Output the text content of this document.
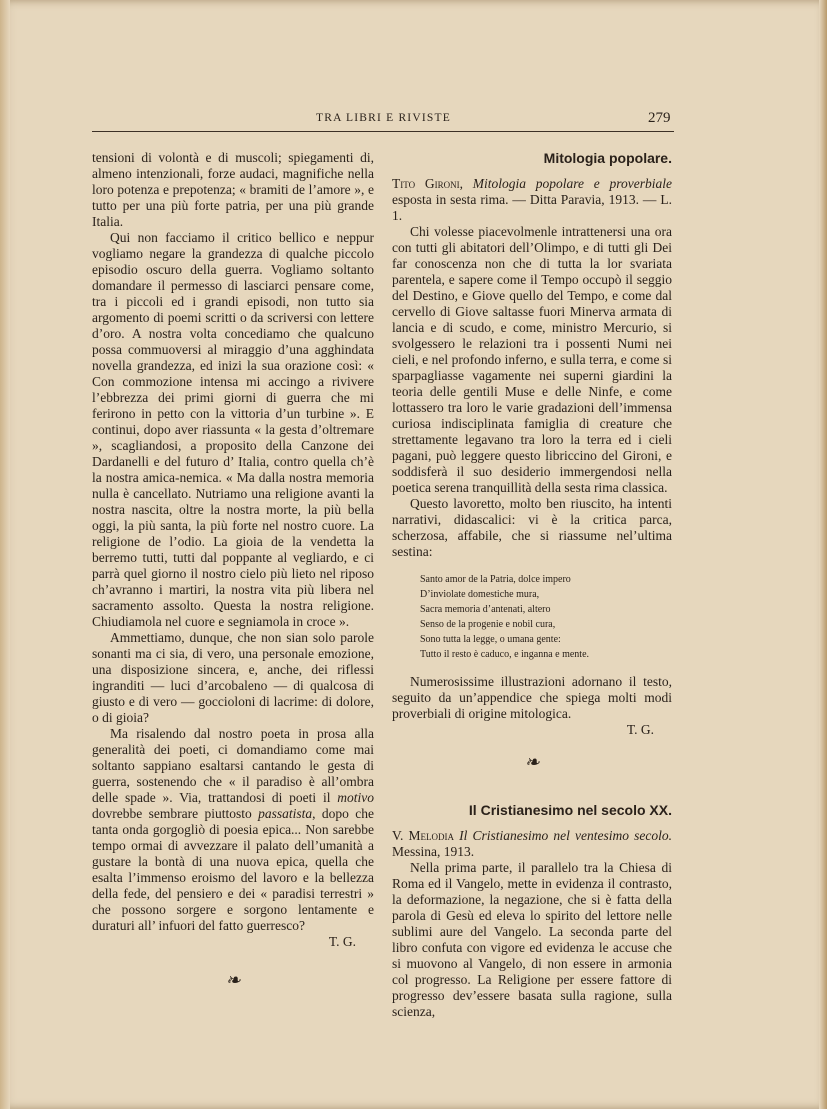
TRA LIBRI E RIVISTE	279

tensioni di volontà e di muscoli; spiegamenti di, almeno intenzionali, forze audaci, magnifiche nella loro potenza e prepotenza; « bramiti de l’amore », e tutto per una più forte patria, per una più grande Italia.

Qui non facciamo il critico bellico e neppur vogliamo negare la grandezza di qualche piccolo episodio oscuro della guerra. Vogliamo soltanto domandare il permesso di lasciarci pensare come, tra i piccoli ed i grandi episodi, non tutto sia argomento di poemi scritti o da scriversi con lettere d’oro. A nostra volta concediamo che qualcuno possa commuoversi al miraggio d’una agghindata novella grandezza, ed inizi la sua orazione così: « Con commozione intensa mi accingo a rivivere l’ebbrezza dei primi giorni di guerra che mi ferirono in petto con la vittoria d’un turbine ». E continui, dopo aver riassunta « la gesta d’oltremare », scagliandosi, a proposito della Canzone dei Dardanelli e del futuro d’ Italia, contro quella ch’è la nostra amica-nemica. « Ma dalla nostra memoria nulla è cancellato. Nutriamo una religione avanti la nostra nascita, oltre la nostra morte, la più bella oggi, la più santa, la più forte nel nostro cuore. La religione de l’odio. La gioia de la vendetta la berremo tutti, tutti dal poppante al vegliardo, e ci parrà quel giorno il nostro cielo più lieto nel riposo ch’avranno i martiri, la nostra vita più libera nel sacramento assolto. Questa la nostra religione. Chiudiamola nel cuore e segniamola in croce ».

Ammettiamo, dunque, che non sian solo parole sonanti ma ci sia, di vero, una personale emozione, una disposizione sincera, e, anche, dei riflessi ingranditi — luci d’arcobaleno — di qualcosa di giusto e di vero — goccioloni di lacrime: di dolore, o di gioia?

Ma risalendo dal nostro poeta in prosa alla generalità dei poeti, ci domandiamo come mai soltanto sappiano esaltarsi cantando le gesta di guerra, sostenendo che « il paradiso è all’ombra delle spade ». Via, trattandosi di poeti il motivo dovrebbe sembrare piuttosto passatista, dopo che tanta onda gorgogliò di poesia epica... Non sarebbe tempo ormai di avvezzare il palato dell’umanità a gustare la bontà di una nuova epica, quella che esalta l’immenso eroismo del lavoro e la bellezza della fede, del pensiero e dei « paradisi terrestri » che possono sorgere e sorgono lentamente e duraturi all’ infuori del fatto guerresco?

T. G.

❧
Mitologia popolare.

Tito Gironi, Mitologia popolare e proverbiale esposta in sesta rima. — Ditta Paravia, 1913. — L. 1.

Chi volesse piacevolmenle intrattenersi una ora con tutti gli abitatori dell’Olimpo, e di tutti gli Dei far conoscenza non che di tutta la lor svariata parentela, e sapere come il Tempo occupò il seggio del Destino, e Giove quello del Tempo, e come dal cervello di Giove saltasse fuori Minerva armata di lancia e di scudo, e come, ministro Mercurio, si svolgessero le relazioni tra i possenti Numi nei cieli, e nel profondo inferno, e sulla terra, e come si sparpagliasse vagamente nei superni giardini la teoria delle gentili Muse e delle Ninfe, e come lottassero tra loro le varie gradazioni dell’immensa curiosa indisciplinata famiglia di creature che strettamente legavano tra loro la terra ed i cieli pagani, può leggere questo libriccino del Gironi, e soddisferà il suo desiderio immergendosi nella poetica serena tranquillità della sesta rima classica.

Questo lavoretto, molto ben riuscito, ha intenti narrativi, didascalici: vi è la critica parca, scherzosa, affabile, che si riassume nel’ultima sestina:

Santo amor de la Patria, dolce impero
D’inviolate domestiche mura,
Sacra memoria d’antenati, altero
Senso de la progenie e nobil cura,
Sono tutta la legge, o umana gente:
Tutto il resto è caduco, e inganna e mente.

Numerosissime illustrazioni adornano il testo, seguito da un’appendice che spiega molti modi proverbiali di origine mitologica.

T. G.

❧
Il Cristianesimo nel secolo XX.

V. Melodia Il Cristianesimo nel ventesimo secolo. Messina, 1913.

Nella prima parte, il parallelo tra la Chiesa di Roma ed il Vangelo, mette in evidenza il contrasto, la deformazione, la negazione, che si è fatta della parola di Gesù ed eleva lo spirito del lettore nelle sublimi aure del Vangelo. La seconda parte del libro confuta con vigore ed evidenza le accuse che si muovono al Vangelo, di non essere in armonia col progresso. La Religione per essere fattore di progresso dev’essere basata sulla ragione, sulla scienza,
